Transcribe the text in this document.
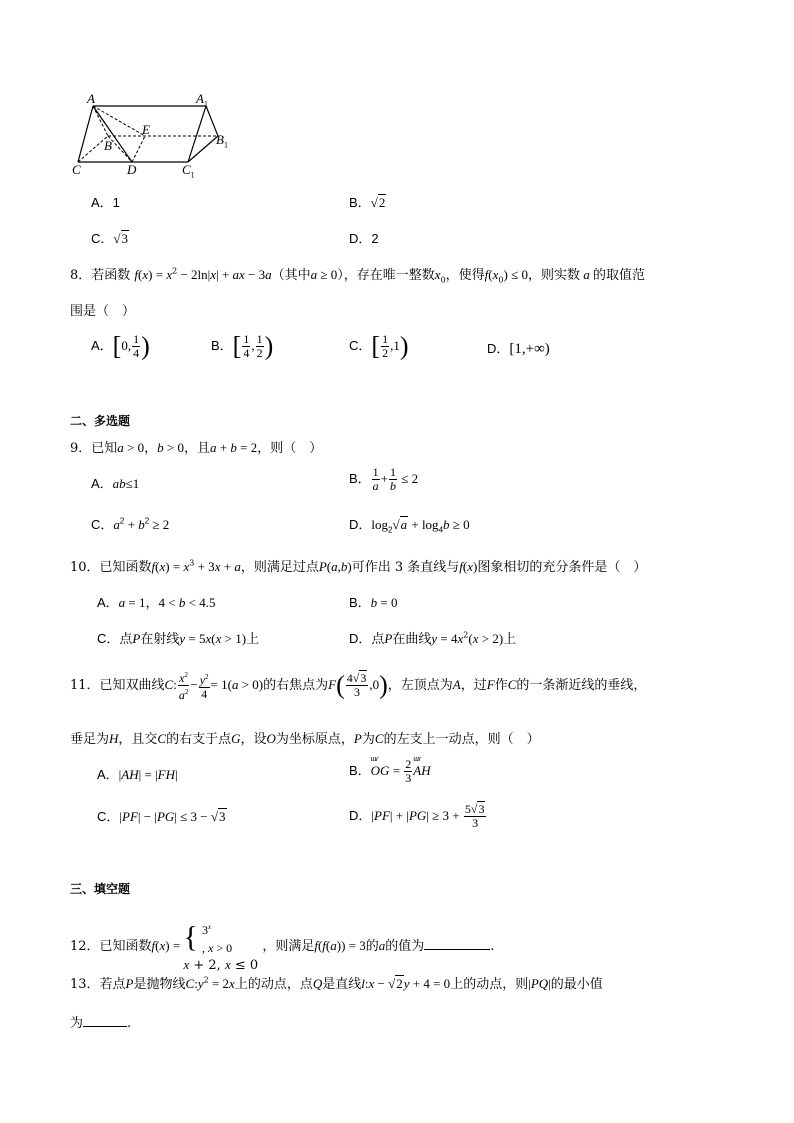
A	$A_1$
E
B	$B_1$
C	D	$C_1$
A．1	B．√2
C．√3	D．2
8．若函数 $f(x) = x^2 - 2\ln|x|$ + ax − 3a（其中a ≥ 0），存在唯一整数$x_0$，使得$f(x_0) \le 0$，则实数 a 的取值范
围是（　）
A．[0, $\frac{1}{4}$ )	B．[ $\frac{1}{4}$ , $\frac{1}{2}$ )	C．[ $\frac{1}{2} ,1$)	D．[1,+∞)
二、多选题
9．已知a > 0，b > 0，且a + b = 2，则（　）
A．ab≤1	B． $\frac{1}{a} + \frac{1}{b} \le 2$
C．$a^2 + b^2 \ge 2$	D．$\log_2√a + \log_4b \ge 0$
10．已知函数$f(x) = x^3 + 3x + a$，则满足过点P(a,b)可作出 3 条直线与f(x)图象相切的充分条件是（　）
A．a = 1，4 < b < 4.5	B．b = 0
C．点P在射线y = 5x(x > 1)上	D．点P在曲线$y = 4x^2(x > 2)$上
11．已知双曲线C: $\frac{x^2}{a^2} - \frac{y^2}{4} = 1(a > 0)$的右焦点为$F( \frac{4√3}{3} ,0)$，左顶点为A，过F作C的一条渐近线的垂线，
垂足为H，且交C的右支于点G，设O为坐标原点，P为C的左支上一动点，则（　）
A．|AH| = |FH|	B．
ɯɾ
OG = $\frac{2}{3}$ ɯɾ
AH
C．|PF| − |PG| ≤ 3 − √3	D．$|PF| + |PG| \ge 3 + \frac{5√3}{3}$
三、填空题
12．已知函数f(x) = { 3$^x$
, x > 0
x + 2, x ≤ 0
，则满足f(f(a)) = 3的a的值为	.
13．若点P是抛物线$C:y^2 = 2x$上的动点，点Q是直线l:x − √2y + 4 = 0上的动点，则|PQ|的最小值
为	.
